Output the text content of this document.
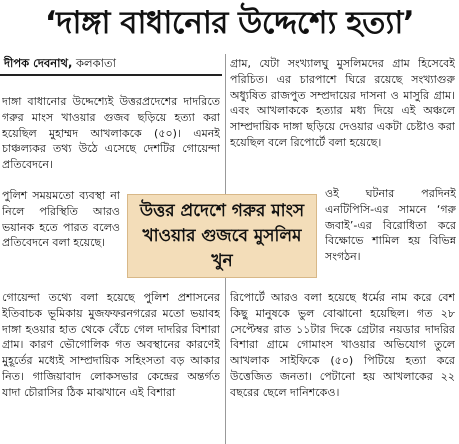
‘দাঙ্গা বাধানোর উদ্দেশ্যে হত্যা’
দীপক দেবনাথ, কলকাতা

দাঙ্গা বাধানোর উদ্দেশ্যেই উত্তরপ্রদেশের দাদরিতে গরুর মাংস খাওয়ার গুজব ছড়িয়ে হত্যা করা হয়েছিল মুহাম্মদ আখলাককে (৫০)। এমনই চাঞ্চল্যকর তথ্য উঠে এসেছে দেশটির গোয়েন্দা প্রতিবেদনে।

পুলিশ সময়মতো ব্যবস্থা না নিলে পরিস্থিতি আরও ভয়ানক হতে পারত বলেও প্রতিবেদনে বলা হয়েছে।

উত্তর প্রদেশে গরুর মাংস খাওয়ার গুজবে মুসলিম খুন

গোয়েন্দা তথ্যে বলা হয়েছে পুলিশ প্রশাসনের ইতিবাচক ভূমিকায় মুজফফরনগরের মতো ভয়াবহ দাঙ্গা হওয়ার হাত থেকে বেঁচে গেল দাদরির বিশারা গ্রাম। কারণ ভৌগোলিক গত অবস্থানের কারণেই মুহূর্তের মধ্যেই সাম্প্রদায়িক সহিংসতা বড় আকার নিত। গাজিয়াবাদ লোকসভার কেন্দ্রের অন্তর্গত যাদা চৌরাসির ঠিক মাঝখানে এই বিশারা

গ্রাম, যেটা সংখ্যালঘু মুসলিমদের গ্রাম হিসেবেই পরিচিত। এর চারপাশে ঘিরে রয়েছে সংখ্যাগুরু অধ্যুষিত রাজপুত সম্প্রদায়ের দাসনা ও মাসুরি গ্রাম। এবং আখলাককে হত্যার মধ্য দিয়ে এই অঞ্চলে সাম্প্রদায়িক দাঙ্গা ছড়িয়ে দেওয়ার একটা চেষ্টাও করা হয়েছিল বলে রিপোর্টে বলা হয়েছে।

ওই ঘটনার পরদিনই এনটিপিসি-এর সামনে ‘গরু জবাই’-এর বিরোধিতা করে বিক্ষোভে শামিল হয় বিভিন্ন সংগঠন।

রিপোর্টে আরও বলা হয়েছে ধর্মের নাম করে বেশ কিছু মানুষকে ভুল বোঝানো হয়েছিল। গত ২৮ সেপ্টেম্বর রাত ১১টার দিকে গ্রেটার নয়ডার দাদরির বিশারা গ্রামে গোমাংস খাওয়ার অভিযোগ তুলে আখলাক সাইফিকে (৫০) পিটিয়ে হত্যা করে উত্তেজিত জনতা। পেটানো হয় আখলাকের ২২ বছরের ছেলে দানিশকেও।
